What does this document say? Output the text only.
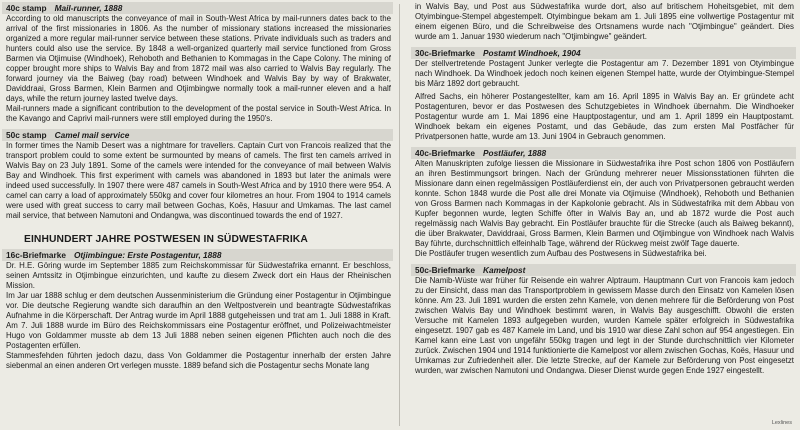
40c stamp Mail-runner, 1888

According to old manuscripts the conveyance of mail in South-West Africa by mail-runners dates back to the arrival of the first missionaries in 1806. As the number of missionary stations increased the missionaries organized a more regular mail-runner service between these stations. Private individuals such as traders and hunters could also use the service. By 1848 a well-organized quarterly mail service functioned from Gross Barmen via Otjimuise (Windhoek), Rehoboth and Bethanien to Kommagas in the Cape Colony. The mining of copper brought more ships to Walvis Bay and from 1872 mail was also carried to Walvis Bay regularly. The forward journey via the Baiweg (bay road) between Windhoek and Walvis Bay by way of Brakwater, Daviddraai, Gross Barmen, Klein Barmen and Otjimbingwe normally took a mail-runner eleven and a half days, while the return journey lasted twelve days.

Mail-runners made a significant contribution to the development of the postal service in South-West Africa. In the Kavango and Caprivi mail-runners were still employed during the 1950's.

50c stamp Camel mail service

In former times the Namib Desert was a nightmare for travellers. Captain Curt von Francois realized that the transport problem could to some extent be surmounted by means of camels. The first ten camels arrived in Walvis Bay on 23 July 1891. Some of the camels were intended for the conveyance of mail between Walvis Bay and Windhoek. This first experiment with camels was abandoned in 1893 but later the animals were indeed used successfully. In 1907 there were 487 camels in South-West Africa and by 1910 there were 954. A camel can carry a load of approximately 550kg and cover four kilometres an hour. From 1904 to 1914 camels were used with great success to carry mail between Gochas, Koës, Hasuur and Umkamas. The last camel mail service, that between Namutoni and Ondangwa, was discontinued towards the end of 1927.

EINHUNDERT JAHRE POSTWESEN IN SÜDWESTAFRIKA
16c-Briefmarke Otjimbingue: Erste Postagentur, 1888

Dr. H.E. Göring wurde im September 1885 zum Reichskommissar für Südwestafrika ernannt. Er beschloss, seinen Amtssitz in Otjimbingue einzurichten, und kaufte zu diesem Zweck dort ein Haus der Rheinischen Mission.

Im Jar uar 1888 schlug er dem deutschen Aussenministerium die Gründung einer Postagentur in Otjimbingue vor. Die deutsche Regierung wandte sich daraufhin an den Weltpostverein und beantragte Südwestafrikas Aufnahme in die Körperschaft. Der Antrag wurde im April 1888 gutgeheissen und trat am 1. Juli 1888 in Kraft. Am 7. Juli 1888 wurde im Büro des Reichskommissars eine Postagentur eröffnet, und Polizeiwachtmeister Hugo von Goldammer musste ab dem 13 Juli 1888 neben seinen eigenen Pflichten auch noch die des Postagenten erfüllen.

Stammesfehden führten jedoch dazu, dass Von Goldammer die Postagentur innerhalb der ersten Jahre siebenmal an einen anderen Ort verlegen musste. 1889 befand sich die Postagentur sechs Monate lang

in Walvis Bay, und Post aus Südwestafrika wurde dort, also auf britischem Hoheitsgebiet, mit dem Otyimbingue-Stempel abgestempelt. Otyimbingue bekam am 1. Juli 1895 eine vollwertige Postagentur mit einem eigenen Büro, und die Schreibweise des Ortsnamens wurde nach "Otjimbingue" geändert. Dies wurde am 1. Januar 1930 wiederum nach "Otjimbingwe" geändert.

30c-Briefmarke Postamt Windhoek, 1904

Der stellvertretende Postagent Junker verlegte die Postagentur am 7. Dezember 1891 von Otyimbingue nach Windhoek. Da Windhoek jedoch noch keinen eigenen Stempel hatte, wurde der Otyimbingue-Stempel bis März 1892 dort gebraucht.

Alfred Sachs, ein höherer Postangestellter, kam am 16. April 1895 in Walvis Bay an. Er gründete acht Postagenturen, bevor er das Postwesen des Schutzgebietes in Windhoek übernahm. Die Windhoeker Postagentur wurde am 1. Mai 1896 eine Hauptpostagentur, und am 1. April 1899 ein Hauptpostamt. Windhoek bekam ein eigenes Postamt, und das Gebäude, das zum ersten Mal Postfächer für Privatpersonen hatte, wurde am 13. Juni 1904 in Gebrauch genommen.

40c-Briefmarke Postläufer, 1888

Alten Manuskripten zufolge liessen die Missionare in Südwestafrika ihre Post schon 1806 von Postläufern an ihren Bestimmungsort bringen. Nach der Gründung mehrerer neuer Missionsstationen führten die Missionare dann einen regelmässigen Postläuferdienst ein, der auch von Privatpersonen gebraucht werden konnte. Schon 1848 wurde die Post alle drei Monate via Otjimuise (Windhoek), Rehoboth und Bethanien von Gross Barmen nach Kommagas in der Kapkolonie gebracht. Als in Südwestafrika mit dem Abbau von Kupfer begonnen wurde, legten Schiffe öfter in Walvis Bay an, und ab 1872 wurde die Post auch regelmässig nach Walvis Bay gebracht. Ein Postläufer brauchte für die Strecke (auch als Baiweg bekannt), die über Brakwater, Daviddraai, Gross Barmen, Klein Barmen und Otjimbingue von Windhoek nach Walvis Bay führte, durchschnittlich elfeinhalb Tage, während der Rückweg meist zwölf Tage dauerte.

Die Postläufer trugen wesentlich zum Aufbau des Postwesens in Südwestafrika bei.

50c-Briefmarke Kamelpost

Die Namib-Wüste war früher für Reisende ein wahrer Alptraum. Hauptmann Curt von Francois kam jedoch zu der Einsicht, dass man das Transportproblem in gewissem Masse durch den Einsatz von Kamelen lösen könne. Am 23. Juli 1891 wurden die ersten zehn Kamele, von denen mehrere für die Beförderung von Post zwischen Walvis Bay und Windhoek bestimmt waren, in Walvis Bay ausgeschifft. Obwohl die ersten Versuche mit Kamelen 1893 aufgegeben wurden, wurden Kamele später erfolgreich in Südwestafrika eingesetzt. 1907 gab es 487 Kamele im Land, und bis 1910 war diese Zahl schon auf 954 angestiegen. Ein Kamel kann eine Last von ungefähr 550kg tragen und legt in der Stunde durchschnittlich vier Kilometer zurück. Zwischen 1904 und 1914 funktionierte die Kamelpost vor allem zwischen Gochas, Koës, Hasuur und Umkamas zur Zufriedenheit aller. Die letzte Strecke, auf der Kamele zur Beförderung von Post eingesetzt wurden, war zwischen Namutoni und Ondangwa. Dieser Dienst wurde gegen Ende 1927 eingestellt.

Lexlines
